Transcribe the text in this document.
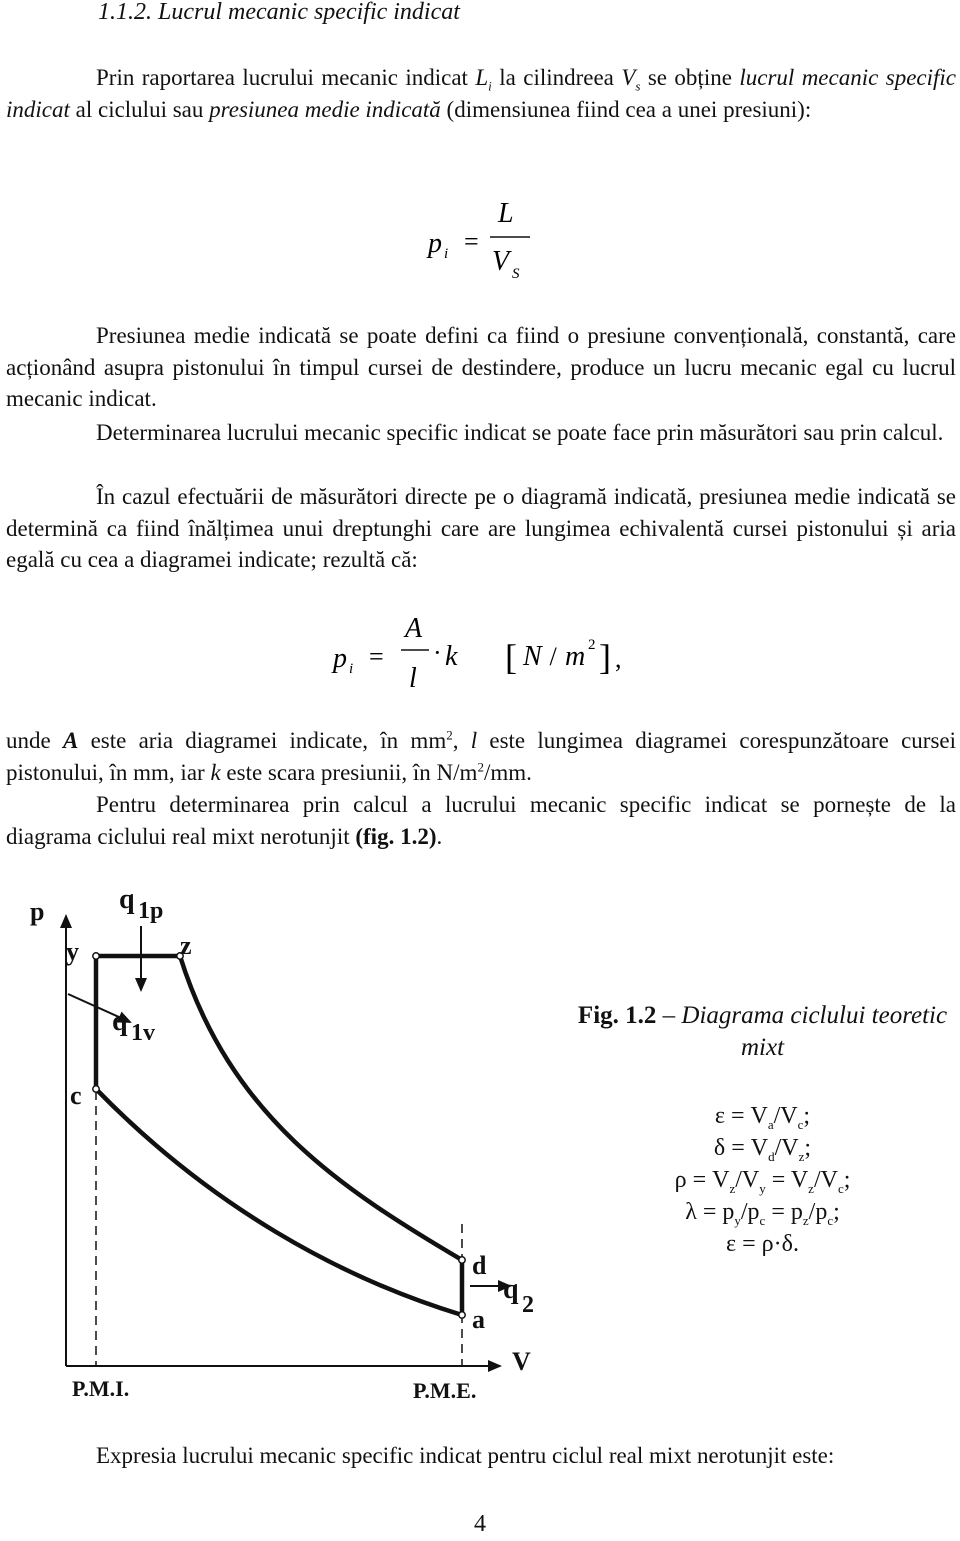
1.1.2. Lucrul mecanic specific indicat
Prin raportarea lucrului mecanic indicat $L_i$ la cilindreea $V_s$ se obține lucrul mecanic specific indicat al ciclului sau presiunea medie indicată (dimensiunea fiind cea a unei presiuni):
p i =
L
V S
Presiunea medie indicată se poate defini ca fiind o presiune convențională, constantă, care acționând asupra pistonului în timpul cursei de destindere, produce un lucru mecanic egal cu lucrul mecanic indicat.
Determinarea lucrului mecanic specific indicat se poate face prin măsurători sau prin calcul.
În cazul efectuării de măsurători directe pe o diagramă indicată, presiunea medie indicată se determină ca fiind înălțimea unui dreptunghi care are lungimea echivalentă cursei pistonului și aria egală cu cea a diagramei indicate; rezultă că:
p i =
A
l
· k [ N / m 2 ] ,
unde A este aria diagramei indicate, în $mm^2$, l este lungimea diagramei corespunzătoare cursei pistonului, în mm, iar k este scara presiunii, în $N/m^2/mm$.
Pentru determinarea prin calcul a lucrului mecanic specific indicat se pornește de la diagrama ciclului real mixt nerotunjit (fig. 1.2).
p	q 1p
y	z
q 1v
c
d
q 2
a
V
P.M.I.	P.M.E.
Fig. 1.2 – Diagrama ciclului teoretic mixt
$\varepsilon = V_a/V_c$;
$\delta = V_d/V_z$;
$\rho = V_z/V_y = V_z/V_c$;
$\lambda = p_y/p_c = p_z/p_c$;
ε = ρ·δ.
Expresia lucrului mecanic specific indicat pentru ciclul real mixt nerotunjit este:
4
